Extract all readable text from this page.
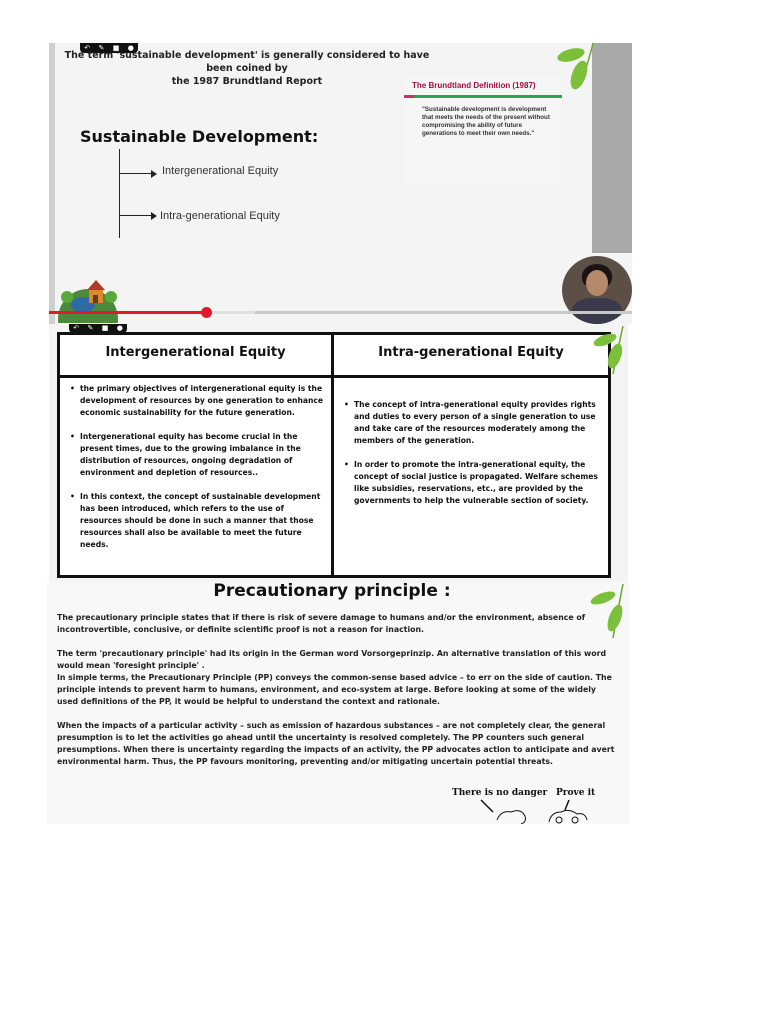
↶ ✎ ■ ●
The term 'sustainable development' is generally considered to have been coined by
the 1987 Brundtland Report
Sustainable Development:
Intergenerational Equity
Intra-generational Equity
The Brundtland Definition (1987)
"Sustainable development is development that meets the needs of the present without compromising the ability of future generations to meet their own needs."
↶ ✎ ■ ●
Intergenerational Equity	Intra-generational Equity

• the primary objectives of intergenerational equity is the development of resources by one generation to enhance economic sustainability for the future generation.

• Intergenerational equity has become crucial in the present times, due to the growing imbalance in the distribution of resources, ongoing degradation of environment and depletion of resources..

• In this context, the concept of sustainable development has been introduced, which refers to the use of resources should be done in such a manner that those resources shall also be available to meet the future needs.

• The concept of intra-generational equity provides rights and duties to every person of a single generation to use and take care of the resources moderately among the members of the generation.

• In order to promote the intra-generational equity, the concept of social justice is propagated. Welfare schemes like subsidies, reservations, etc., are provided by the governments to help the vulnerable section of society.

Precautionary principle :

The precautionary principle states that if there is risk of severe damage to humans and/or the environment, absence of incontrovertible, conclusive, or definite scientific proof is not a reason for inaction.

The term 'precautionary principle' had its origin in the German word Vorsorgeprinzip. An alternative translation of this word would mean 'foresight principle' .

In simple terms, the Precautionary Principle (PP) conveys the common-sense based advice – to err on the side of caution. The principle intends to prevent harm to humans, environment, and eco-system at large. Before looking at some of the widely used definitions of the PP, it would be helpful to understand the context and rationale.

When the impacts of a particular activity – such as emission of hazardous substances – are not completely clear, the general presumption is to let the activities go ahead until the uncertainty is resolved completely. The PP counters such general presumptions. When there is uncertainty regarding the impacts of an activity, the PP advocates action to anticipate and avert environmental harm. Thus, the PP favours monitoring, preventing and/or mitigating uncertain potential threats.

There is no danger Prove it
